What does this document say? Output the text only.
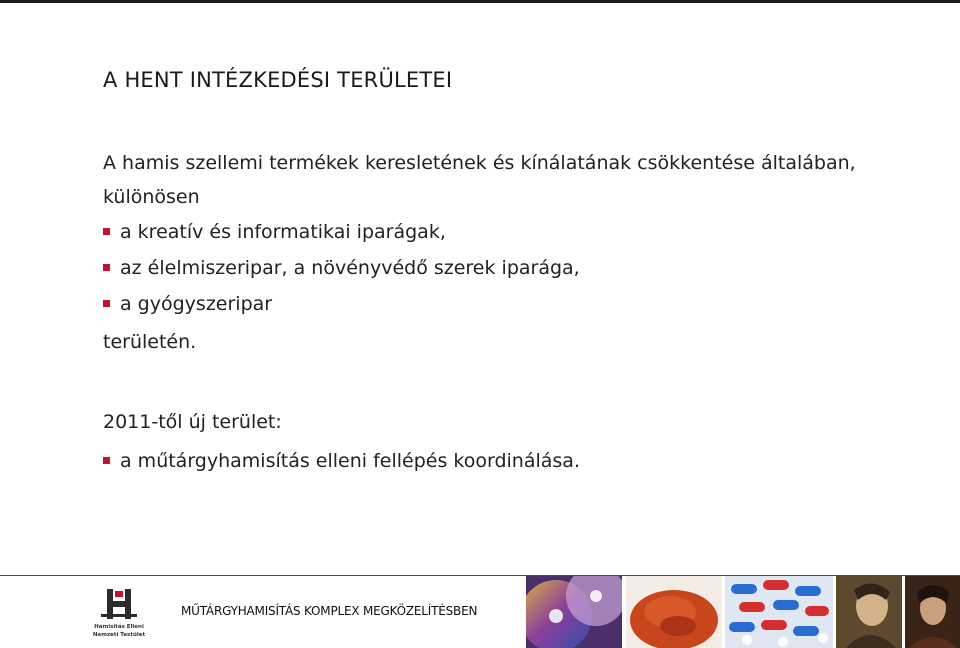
A HENT INTÉZKEDÉSI TERÜLETEI
A hamis szellemi termékek keresletének és kínálatának csökkentése általában, különösen
a kreatív és informatikai iparágak,
az élelmiszeripar, a növényvédő szerek iparága,
a gyógyszeripar
területén.
2011-től új terület:
a műtárgyhamisítás elleni fellépés koordinálása.
Hamisítás Elleni
Nemzeti Testület
MŰTÁRGYHAMISÍTÁS KOMPLEX MEGKÖZELÍTÉSBEN
